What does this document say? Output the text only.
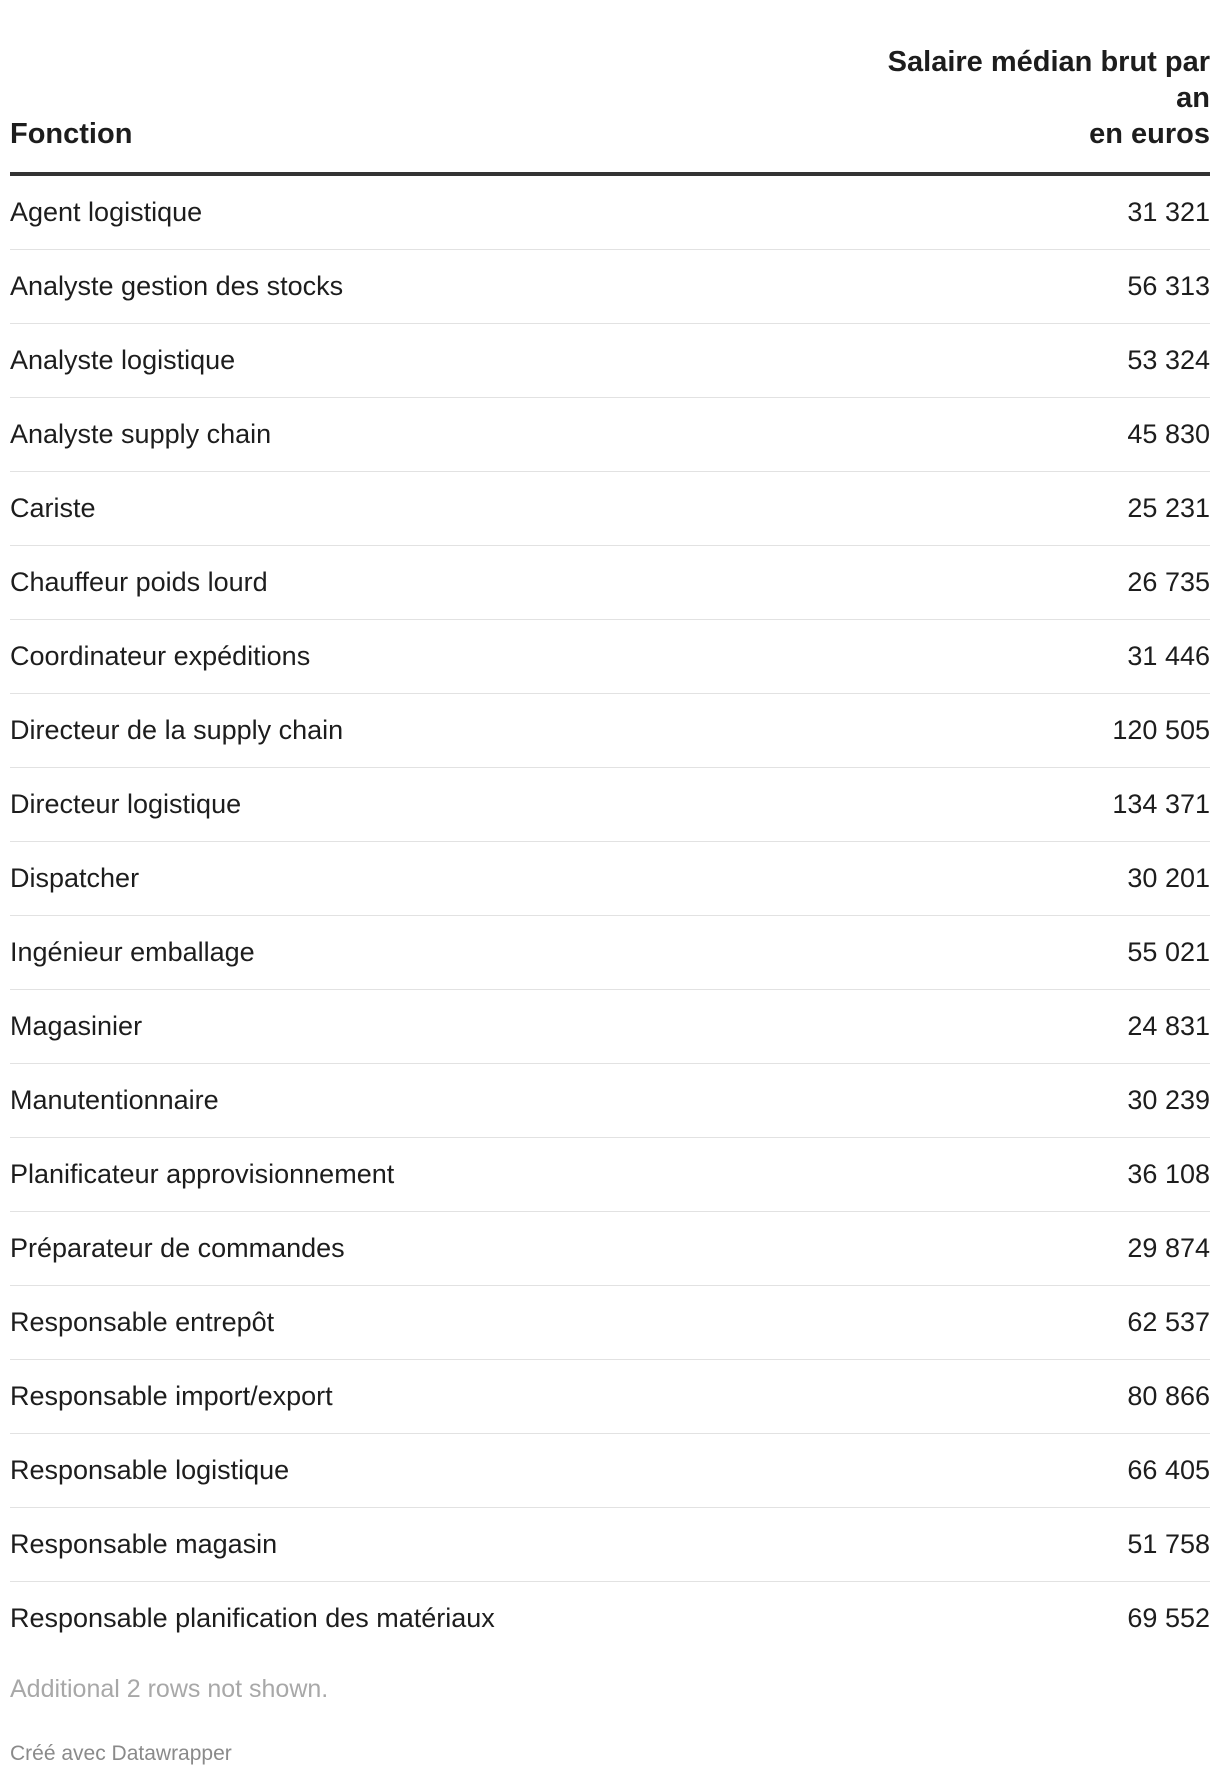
Fonction	Salaire médian brut par an
en euros
Agent logistique	31 321
Analyste gestion des stocks	56 313
Analyste logistique	53 324
Analyste supply chain	45 830
Cariste	25 231
Chauffeur poids lourd	26 735
Coordinateur expéditions	31 446
Directeur de la supply chain	120 505
Directeur logistique	134 371
Dispatcher	30 201
Ingénieur emballage	55 021
Magasinier	24 831
Manutentionnaire	30 239
Planificateur approvisionnement	36 108
Préparateur de commandes	29 874
Responsable entrepôt	62 537
Responsable import/export	80 866
Responsable logistique	66 405
Responsable magasin	51 758
Responsable planification des matériaux	69 552
Additional 2 rows not shown.
Créé avec Datawrapper
